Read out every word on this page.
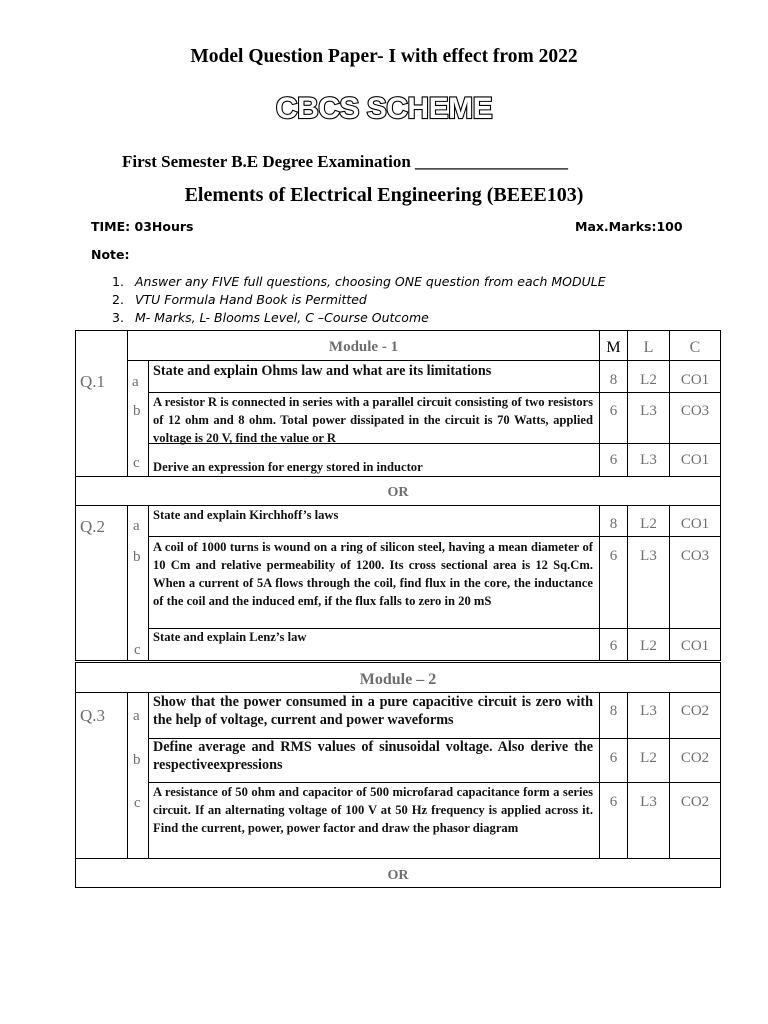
Model Question Paper- I with effect from 2022
CBCS SCHEME
First Semester B.E Degree Examination __________________
Elements of Electrical Engineering (BEEE103)
TIME: 03Hours	Max.Marks:100
Note:
1. Answer any FIVE full questions, choosing ONE question from each MODULE
2. VTU Formula Hand Book is Permitted
3. M- Marks, L- Blooms Level, C –Course Outcome
Module - 1	M	L	C
Q.1 a
State and explain Ohms law and what are its limitations
8	L2	CO1
b
A resistor R is connected in series with a parallel circuit consisting of two resistors of 12 ohm and 8 ohm. Total power dissipated in the circuit is 70 Watts, applied voltage is 20 V, find the value or R
6	L3	CO3
c Derive an expression for energy stored in inductor	6	L3	CO1
OR
Q.2 a
State and explain Kirchhoff’s laws
8	L2	CO1
b
A coil of 1000 turns is wound on a ring of silicon steel, having a mean diameter of 10 Cm and relative permeability of 1200. Its cross sectional area is 12 Sq.Cm. When a current of 5A flows through the coil, find flux in the core, the inductance of the coil and the induced emf, if the flux falls to zero in 20 mS
6	L3	CO3
c
State and explain Lenz’s law
6	L2	CO1
Module – 2
Q.3 a
Show that the power consumed in a pure capacitive circuit is zero with the help of voltage, current and power waveforms
8	L3	CO2
b
Define average and RMS values of sinusoidal voltage. Also derive the respectiveexpressions	6	L2	CO2
c
A resistance of 50 ohm and capacitor of 500 microfarad capacitance form a series circuit. If an alternating voltage of 100 V at 50 Hz frequency is applied across it. Find the current, power, power factor and draw the phasor diagram
6	L3	CO2
OR
